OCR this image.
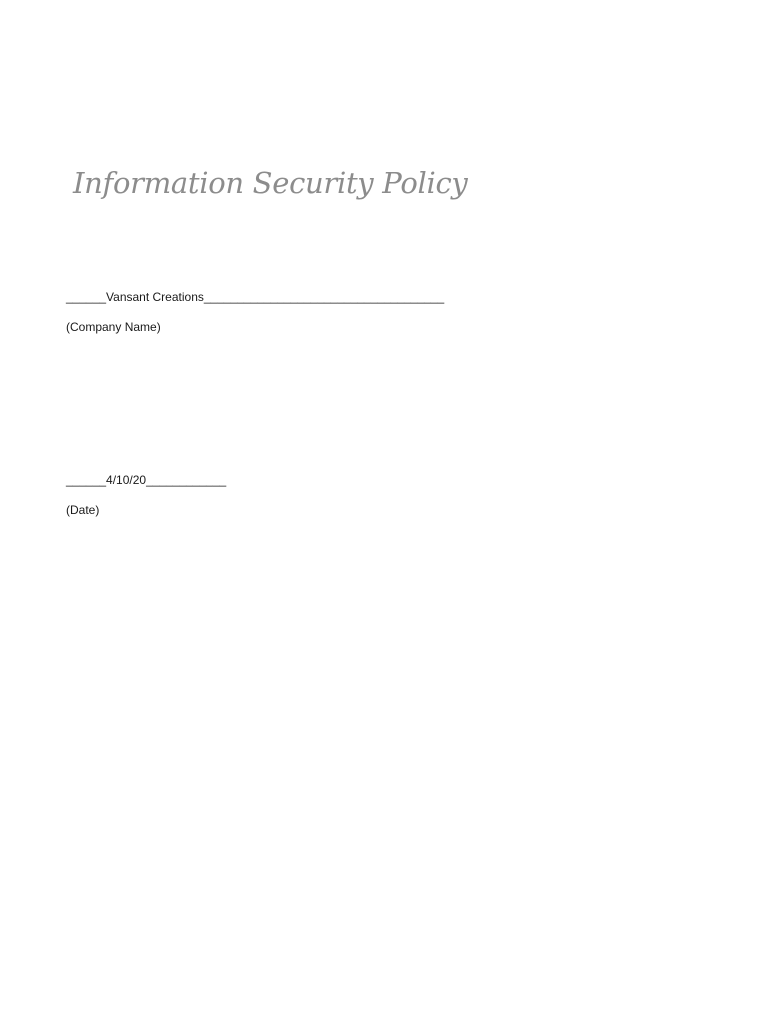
Information Security Policy

______Vansant Creations____________________________________

(Company Name)

______4/10/20____________

(Date)
